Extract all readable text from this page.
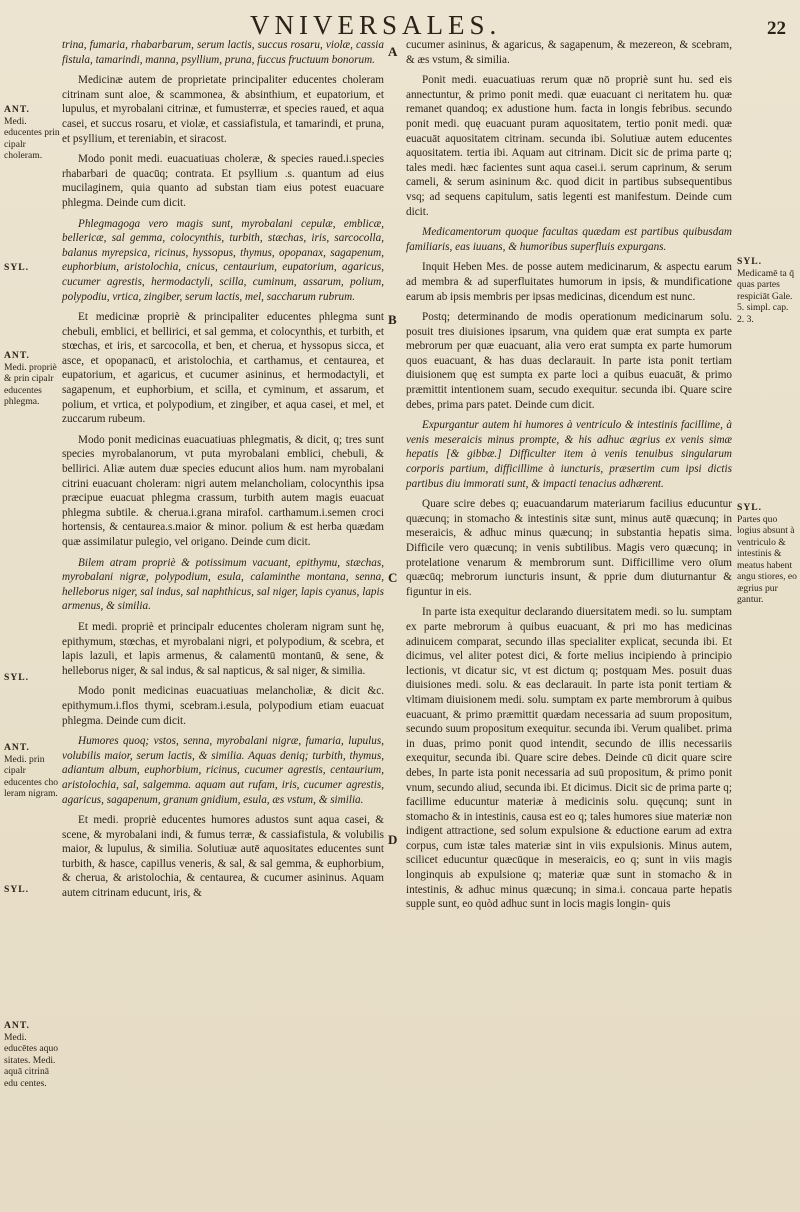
VNIVERSALES.	22
A
B
C
D
ANT.
Medi. educentes prin cipalr choleram.
SYL.
ANT.
Medi. propriè & prin cipalr educentes phlegma.
SYL.
ANT.
Medi. prin cipalr educentes cho leram nigram.
SYL.
ANT.
Medi. educētes aquo sitates. Medi. aquā citrinā edu centes.
SYL.
Medicamē ta q̄ quas partes respiciāt Gale. 5. simpl. cap. 2. 3.
SYL.
Partes quo logius absunt à ventriculo & intestinis & meatus habent angu stiores, eo ægrius pur gantur.

trina, fumaria, rhabarbarum, serum lactis, succus rosaru, violæ, cassia fistula, tamarindi, manna, psyllium, pruna, fuccus fructuum bonorum.

Medicinæ autem de proprietate principaliter educentes choleram citrinam sunt aloe, & scammonea, & absinthium, et eupatorium, et lupulus, et myrobalani citrinæ, et fumusterræ, et species raued, et aqua casei, et succus rosaru, et violæ, et cassiafistula, et tamarindi, et pruna, et psyllium, et tereniabin, et siracost.

Modo ponit medi. euacuatiuas choleræ, & species raued.i.species rhabarbari de quacūq; contrata. Et psyllium .s. quantum ad eius mucilaginem, quia quanto ad substan tiam eius potest euacuare phlegma. Deinde cum dicit.

Phlegmagoga vero magis sunt, myrobalani cepulæ, emblicæ, bellericæ, sal gemma, colocynthis, turbith, stæchas, iris, sarcocolla, balanus myrepsica, ricinus, hyssopus, thymus, opopanax, sagapenum, euphorbium, aristolochia, cnicus, centaurium, eupatorium, agaricus, cucumer agrestis, hermodactyli, scilla, cuminum, assarum, polium, polypodiu, vrtica, zingiber, serum lactis, mel, saccharum rubrum.

Et medicinæ propriè & principaliter educentes phlegma sunt chebuli, emblici, et bellirici, et sal gemma, et colocynthis, et turbith, et stœchas, et iris, et sarcocolla, et ben, et cherua, et hyssopus sicca, et asce, et opopanacū, et aristolochia, et carthamus, et centaurea, et eupatorium, et agaricus, et cucumer asininus, et hermodactyli, et sagapenum, et euphorbium, et scilla, et cyminum, et assarum, et polium, et vrtica, et polypodium, et zingiber, et aqua casei, et mel, et zuccarum rubeum.

Modo ponit medicinas euacuatiuas phlegmatis, & dicit, q; tres sunt species myrobalanorum, vt puta myrobalani emblici, chebuli, & bellirici. Aliæ autem duæ species educunt alios hum. nam myrobalani citrini euacuant choleram: nigri autem melancholiam, colocynthis ipsa præcipue euacuat phlegma crassum, turbith autem magis euacuat phlegma subtile. & cherua.i.grana mirafol. carthamum.i.semen croci hortensis, & centaurea.s.maior & minor. polium & est herba quædam quæ assimilatur pulegio, vel origano. Deinde cum dicit.

Bilem atram propriè & potissimum vacuant, epithymu, stæchas, myrobalani nigræ, polypodium, esula, calaminthe montana, senna, helleborus niger, sal indus, sal naphthicus, sal niger, lapis cyanus, lapis armenus, & similia.

Et medi. propriè et principalr educentes choleram nigram sunt hę, epithymum, stœchas, et myrobalani nigri, et polypodium, & scebra, et lapis lazuli, et lapis armenus, & calamentū montanū, & sene, & helleborus niger, & sal indus, & sal napticus, & sal niger, & similia.

Modo ponit medicinas euacuatiuas melancholiæ, & dicit &c. epithymum.i.flos thymi, scebram.i.esula, polypodium etiam euacuat phlegma. Deinde cum dicit.

Humores quoq; vstos, senna, myrobalani nigræ, fumaria, lupulus, volubilis maior, serum lactis, & similia. Aquas deniq; turbith, thymus, adiantum album, euphorbium, ricinus, cucumer agrestis, centaurium, aristolochia, sal, salgemma. aquam aut rufam, iris, cucumer agrestis, agaricus, sagapenum, granum gnidium, esula, æs vstum, & similia.

Et medi. propriè educentes humores adustos sunt aqua casei, & scene, & myrobalani indi, & fumus terræ, & cassiafistula, & volubilis maior, & lupulus, & similia. Solutiuæ autē aquositates educentes sunt turbith, & hasce, capillus veneris, & sal, & sal gemma, & euphorbium, & cherua, & aristolochia, & centaurea, & cucumer asininus. Aquam autem citrinam educunt, iris, &

cucumer asininus, & agaricus, & sagapenum, & mezereon, & scebram, & æs vstum, & similia.

Ponit medi. euacuatiuas rerum quæ nō propriè sunt hu. sed eis annectuntur, & primo ponit medi. quæ euacuant ci neritatem hu. quæ remanet quandoq; ex adustione hum. facta in longis febribus. secundo ponit medi. quę euacuant puram aquositatem, tertio ponit medi. quæ euacuāt aquositatem citrinam. secunda ibi. Solutiuæ autem educentes aquositatem. tertia ibi. Aquam aut citrinam. Dicit sic de prima parte q; tales medi. hæc facientes sunt aqua casei.i. serum caprinum, & serum cameli, & serum asininum &c. quod dicit in partibus subsequentibus vsq; ad sequens capitulum, satis legenti est manifestum. Deinde cum dicit.

Medicamentorum quoque facultas quædam est partibus quibusdam familiaris, eas iuuans, & humoribus superfluis expurgans.

Inquit Heben Mes. de posse autem medicinarum, & aspectu earum ad membra & ad superfluitates humorum in ipsis, & mundificatione earum ab ipsis membris per ipsas medicinas, dicendum est nunc.

Postq; determinando de modis operationum medicinarum solu. posuit tres diuisiones ipsarum, vna quidem quæ erat sumpta ex parte mebrorum per quæ euacuant, alia vero erat sumpta ex parte humorum quos euacuant, & has duas declarauit. In parte ista ponit tertiam diuisionem quę est sumpta ex parte loci a quibus euacuāt, & primo præmittit intentionem suam, secudo exequitur. secunda ibi. Quare scire debes, prima pars patet. Deinde cum dicit.

Expurgantur autem hi humores à ventriculo & intestinis facillime, à venis meseraicis minus prompte, & his adhuc ægrius ex venis simæ hepatis [& gibbæ.] Difficulter item à venis tenuibus singularum corporis partium, difficillime à iuncturis, præsertim cum ipsi dictis partibus diu immorati sunt, & impacti tenacius adhærent.

Quare scire debes q; euacuandarum materiarum facilius educuntur quæcunq; in stomacho & intestinis sitæ sunt, minus autē quæcunq; in meseraicis, & adhuc minus quæcunq; in substantia hepatis sima. Difficile vero quæcunq; in venis subtilibus. Magis vero quæcunq; in protelatione venarum & membrorum sunt. Difficillime vero oīum quæcūq; mebrorum iuncturis insunt, & pprie dum diuturnantur & figuntur in eis.

In parte ista exequitur declarando diuersitatem medi. so lu. sumptam ex parte mebrorum à quibus euacuant, & pri mo has medicinas adinuicem comparat, secundo illas specialiter explicat, secunda ibi. Et dicimus, vel aliter potest dici, & forte melius incipiendo à principio lectionis, vt dicatur sic, vt est dictum q; postquam Mes. posuit duas diuisiones medi. solu. & eas declarauit. In parte ista ponit tertiam & vltimam diuisionem medi. solu. sumptam ex parte membrorum à quibus euacuant, & primo præmittit quædam necessaria ad suum propositum, secundo suum propositum exequitur. secunda ibi. Verum qualibet. prima in duas, primo ponit quod intendit, secundo de illis necessariis exequitur, secunda ibi. Quare scire debes. Deinde cū dicit quare scire debes, In parte ista ponit necessaria ad suū propositum, & primo ponit vnum, secundo aliud, secunda ibi. Et dicimus. Dicit sic de prima parte q; facillime educuntur materiæ à medicinis solu. quęcunq; sunt in stomacho & in intestinis, causa est eo q; tales humores siue materiæ non indigent attractione, sed solum expulsione & eductione earum ad extra corpus, cum istæ tales materiæ sint in viis expulsionis. Minus autem, scilicet educuntur quæcūque in meseraicis, eo q; sunt in viis magis longinquis ab expulsione q; materiæ quæ sunt in stomacho & in intestinis, & adhuc minus quæcunq; in sima.i. concaua parte hepatis supple sunt, eo quòd adhuc sunt in locis magis longin- quis
